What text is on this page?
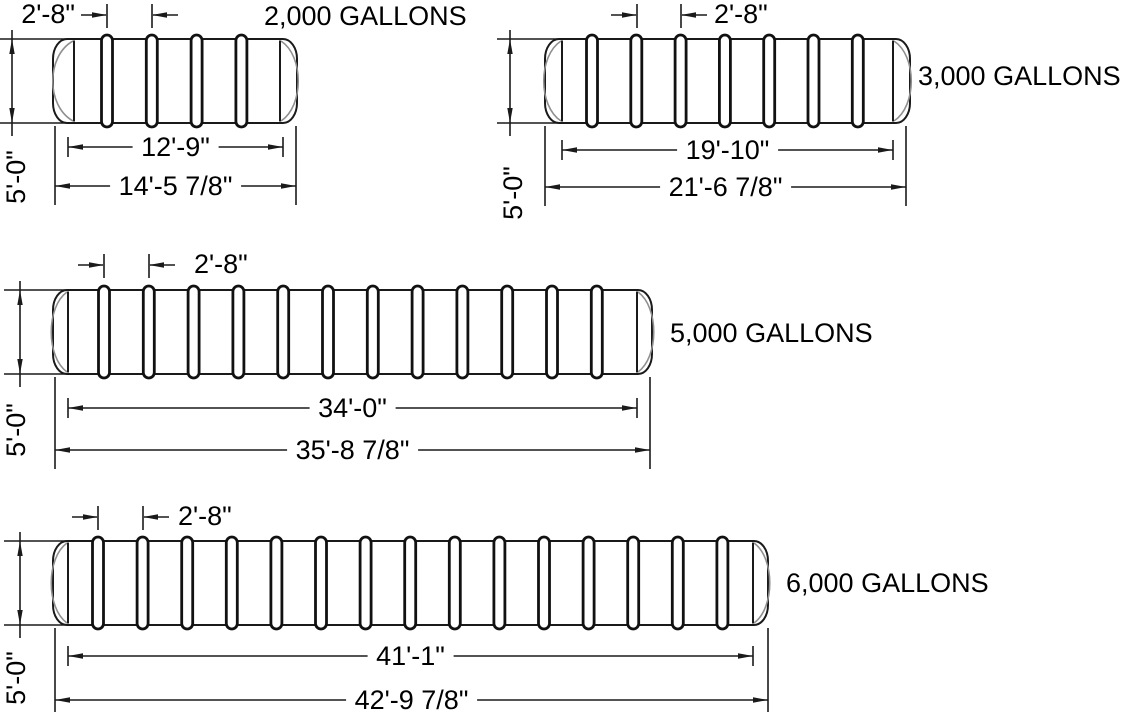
2'-8"
12'-9"
14'-5 7/8"
5'-0"
2,000 GALLONS	2'-8"
19'-10"
21'-6 7/8"
5'-0"
3,000 GALLONS
2'-8"
34'-0"
35'-8 7/8"
5'-0"
5,000 GALLONS
2'-8"
41'-1"
42'-9 7/8"
5'-0"
6,000 GALLONS
